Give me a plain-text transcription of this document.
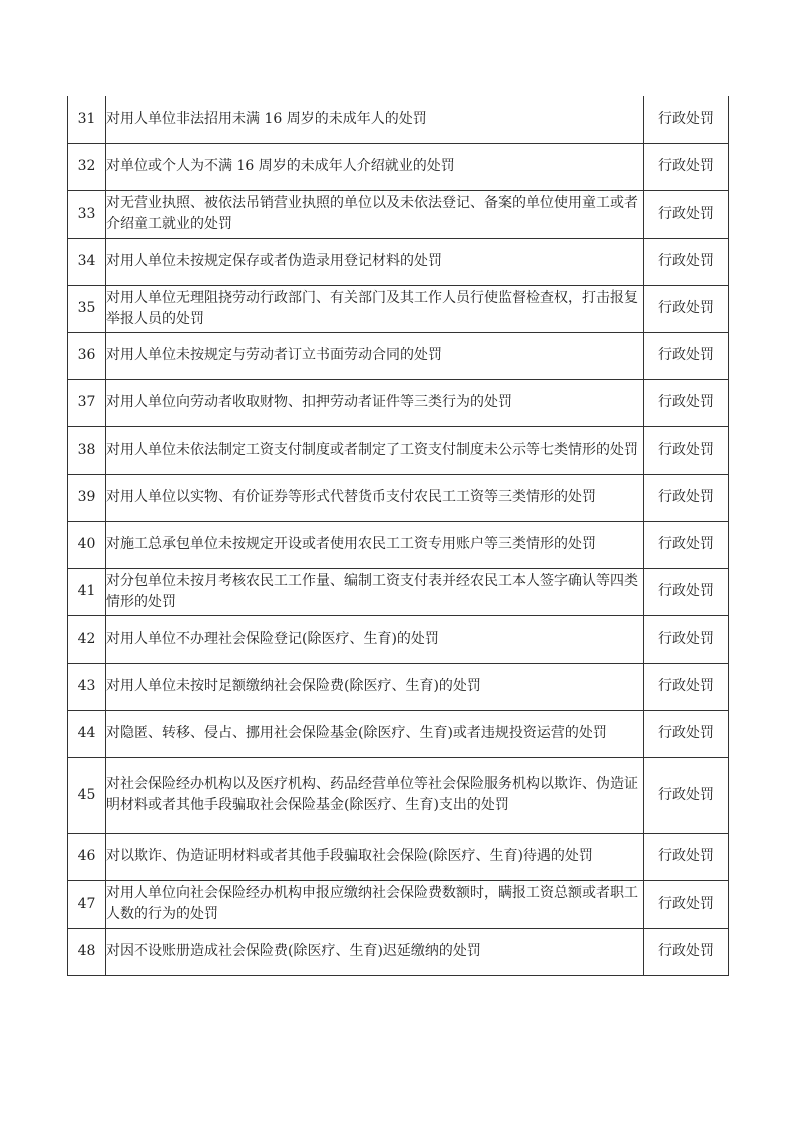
31	对用人单位非法招用未满 16 周岁的未成年人的处罚	行政处罚
32	对单位或个人为不满 16 周岁的未成年人介绍就业的处罚	行政处罚
33	对无营业执照、被依法吊销营业执照的单位以及未依法登记、备案的单位使用童工或者介绍童工就业的处罚	行政处罚
34	对用人单位未按规定保存或者伪造录用登记材料的处罚	行政处罚
35	对用人单位无理阻挠劳动行政部门、有关部门及其工作人员行使监督检查权，打击报复举报人员的处罚	行政处罚
36	对用人单位未按规定与劳动者订立书面劳动合同的处罚	行政处罚
37	对用人单位向劳动者收取财物、扣押劳动者证件等三类行为的处罚	行政处罚
38	对用人单位未依法制定工资支付制度或者制定了工资支付制度未公示等七类情形的处罚	行政处罚
39	对用人单位以实物、有价证券等形式代替货币支付农民工工资等三类情形的处罚	行政处罚
40	对施工总承包单位未按规定开设或者使用农民工工资专用账户等三类情形的处罚	行政处罚
41	对分包单位未按月考核农民工工作量、编制工资支付表并经农民工本人签字确认等四类情形的处罚	行政处罚
42	对用人单位不办理社会保险登记(除医疗、生育)的处罚	行政处罚
43	对用人单位未按时足额缴纳社会保险费(除医疗、生育)的处罚	行政处罚
44	对隐匿、转移、侵占、挪用社会保险基金(除医疗、生育)或者违规投资运营的处罚	行政处罚
45	对社会保险经办机构以及医疗机构、药品经营单位等社会保险服务机构以欺诈、伪造证明材料或者其他手段骗取社会保险基金(除医疗、生育)支出的处罚	行政处罚
46	对以欺诈、伪造证明材料或者其他手段骗取社会保险(除医疗、生育)待遇的处罚	行政处罚
47	对用人单位向社会保险经办机构申报应缴纳社会保险费数额时，瞒报工资总额或者职工人数的行为的处罚	行政处罚
48	对因不设账册造成社会保险费(除医疗、生育)迟延缴纳的处罚	行政处罚
